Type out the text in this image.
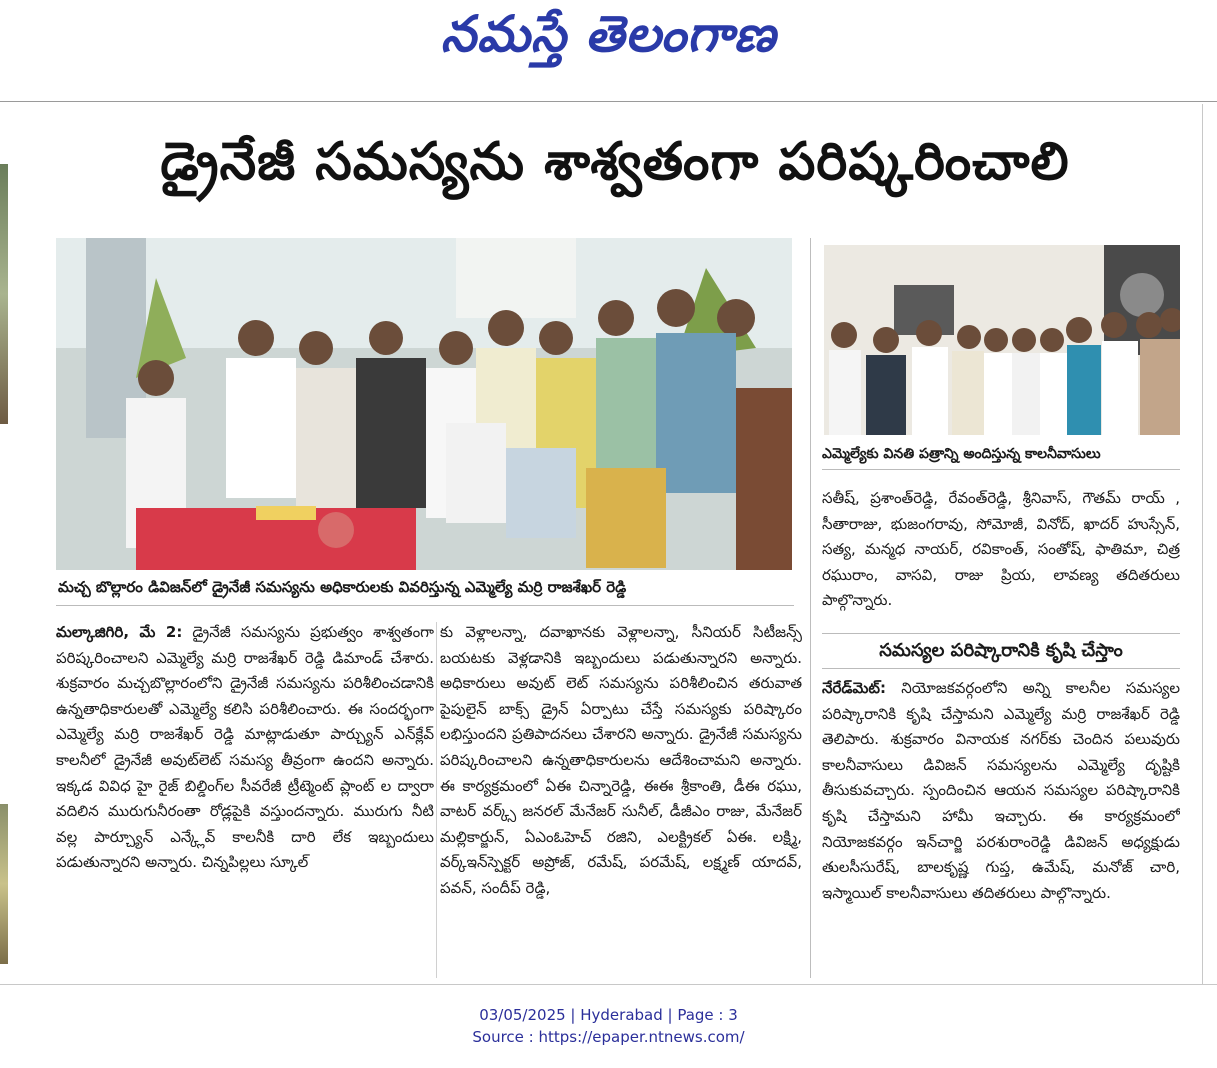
నమస్తే తెలంగాణ
డ్రైనేజీ సమస్యను శాశ్వతంగా పరిష్కరించాలి
మచ్చ బొల్లారం డివిజన్‌లో డ్రైనేజీ సమస్యను అధికారులకు వివరిస్తున్న ఎమ్మెల్యే మర్రి రాజశేఖర్ రెడ్డి
ఎమ్మెల్యేకు వినతి పత్రాన్ని అందిస్తున్న కాలనీవాసులు

మల్కాజిగిరి, మే 2: డ్రైనేజీ సమస్యను ప్రభుత్వం శాశ్వతంగా పరిష్కరించాలని ఎమ్మెల్యే మర్రి రాజశేఖర్ రెడ్డి డిమాండ్ చేశారు. శుక్రవారం మచ్చబొల్లారంలోని డ్రైనేజీ సమస్యను పరిశీలించడానికి ఉన్నతాధికారులతో ఎమ్మెల్యే కలిసి పరిశీలించారు. ఈ సందర్భంగా ఎమ్మెల్యే మర్రి రాజశేఖర్ రెడ్డి మాట్లాడుతూ పార్చ్యున్ ఎన్‌క్లేవ్ కాలనీలో డ్రైనేజీ అవుట్‌లెట్ సమస్య తీవ్రంగా ఉందని అన్నారు. ఇక్కడ వివిధ హై రైజ్ బిల్డింగ్‌ల సీవరేజీ ట్రీట్మెంట్ ప్లాంట్ ల ద్వారా వదిలిన మురుగునీరంతా రోడ్లపైకి వస్తుందన్నారు. మురుగు నీటి వల్ల పార్చ్యూన్ ఎన్క్లేవ్ కాలనీకి దారి లేక ఇబ్బందులు పడుతున్నారని అన్నారు. చిన్నపిల్లలు స్కూల్

కు వెళ్లాలన్నా, దవాఖానకు వెళ్లాలన్నా, సీనియర్ సిటీజన్స్ బయటకు వెళ్లడానికి ఇబ్బందులు పడుతున్నారని అన్నారు. అధికారులు అవుట్ లెట్ సమస్యను పరిశీలించిన తరువాత పైపులైన్ బాక్స్ డ్రైన్ ఏర్పాటు చేస్తే సమస్యకు పరిష్కారం లభిస్తుందని ప్రతిపాదనలు చేశారని అన్నారు. డ్రైనేజీ సమస్యను పరిష్కరించాలని ఉన్నతాధికారులను ఆదేశించామని అన్నారు. ఈ కార్యక్రమంలో ఏఈ చిన్నారెడ్డి, ఈఈ శ్రీకాంతి, డీఈ రఘు, వాటర్ వర్క్స్ జనరల్ మేనేజర్ సునీల్, డీజీఎం రాజు, మేనేజర్ మల్లికార్జున్, ఏఎంఓహెచ్ రజిని, ఎలక్ట్రికల్ ఏఈ. లక్ష్మి, వర్క్ఇన్‌స్పెక్టర్ అప్రోజ్, రమేష్, పరమేష్, లక్ష్మణ్ యాదవ్, పవన్, సందీప్ రెడ్డి,

సతీష్, ప్రశాంత్‌రెడ్డి, రేవంత్‌రెడ్డి, శ్రీనివాస్, గౌతమ్ రాయ్ , సీతారాజు, భుజంగరావు, సోమోజీ, వినోద్, ఖాదర్ హుస్సేన్, సత్య, మన్మధ నాయర్, రవికాంత్, సంతోష్, ఫాతిమా, చిత్ర రఘురాం, వాసవి, రాజు ప్రియ, లావణ్య తదితరులు పాల్గొన్నారు.

సమస్యల పరిష్కారానికి కృషి చేస్తాం

నేరేడ్‌మెట్: నియోజకవర్గంలోని అన్ని కాలనీల సమస్యల పరిష్కారానికి కృషి చేస్తామని ఎమ్మెల్యే మర్రి రాజశేఖర్ రెడ్డి తెలిపారు. శుక్రవారం వినాయక నగర్‌కు చెందిన పలువురు కాలనీవాసులు డివిజన్ సమస్యలను ఎమ్మెల్యే దృష్టికి తీసుకువచ్చారు. స్పందించిన ఆయన సమస్యల పరిష్కారానికి కృషి చేస్తామని హామీ ఇచ్చారు. ఈ కార్యక్రమంలో నియోజకవర్గం ఇన్‌చార్జి పరశురాంరెడ్డి డివిజన్ అధ్యక్షుడు తులసీసురేష్, బాలకృష్ణ గుప్త, ఉమేష్, మనోజ్ చారి, ఇస్మాయిల్ కాలనీవాసులు తదితరులు పాల్గొన్నారు.

03/05/2025 | Hyderabad | Page : 3
Source : https://epaper.ntnews.com/
